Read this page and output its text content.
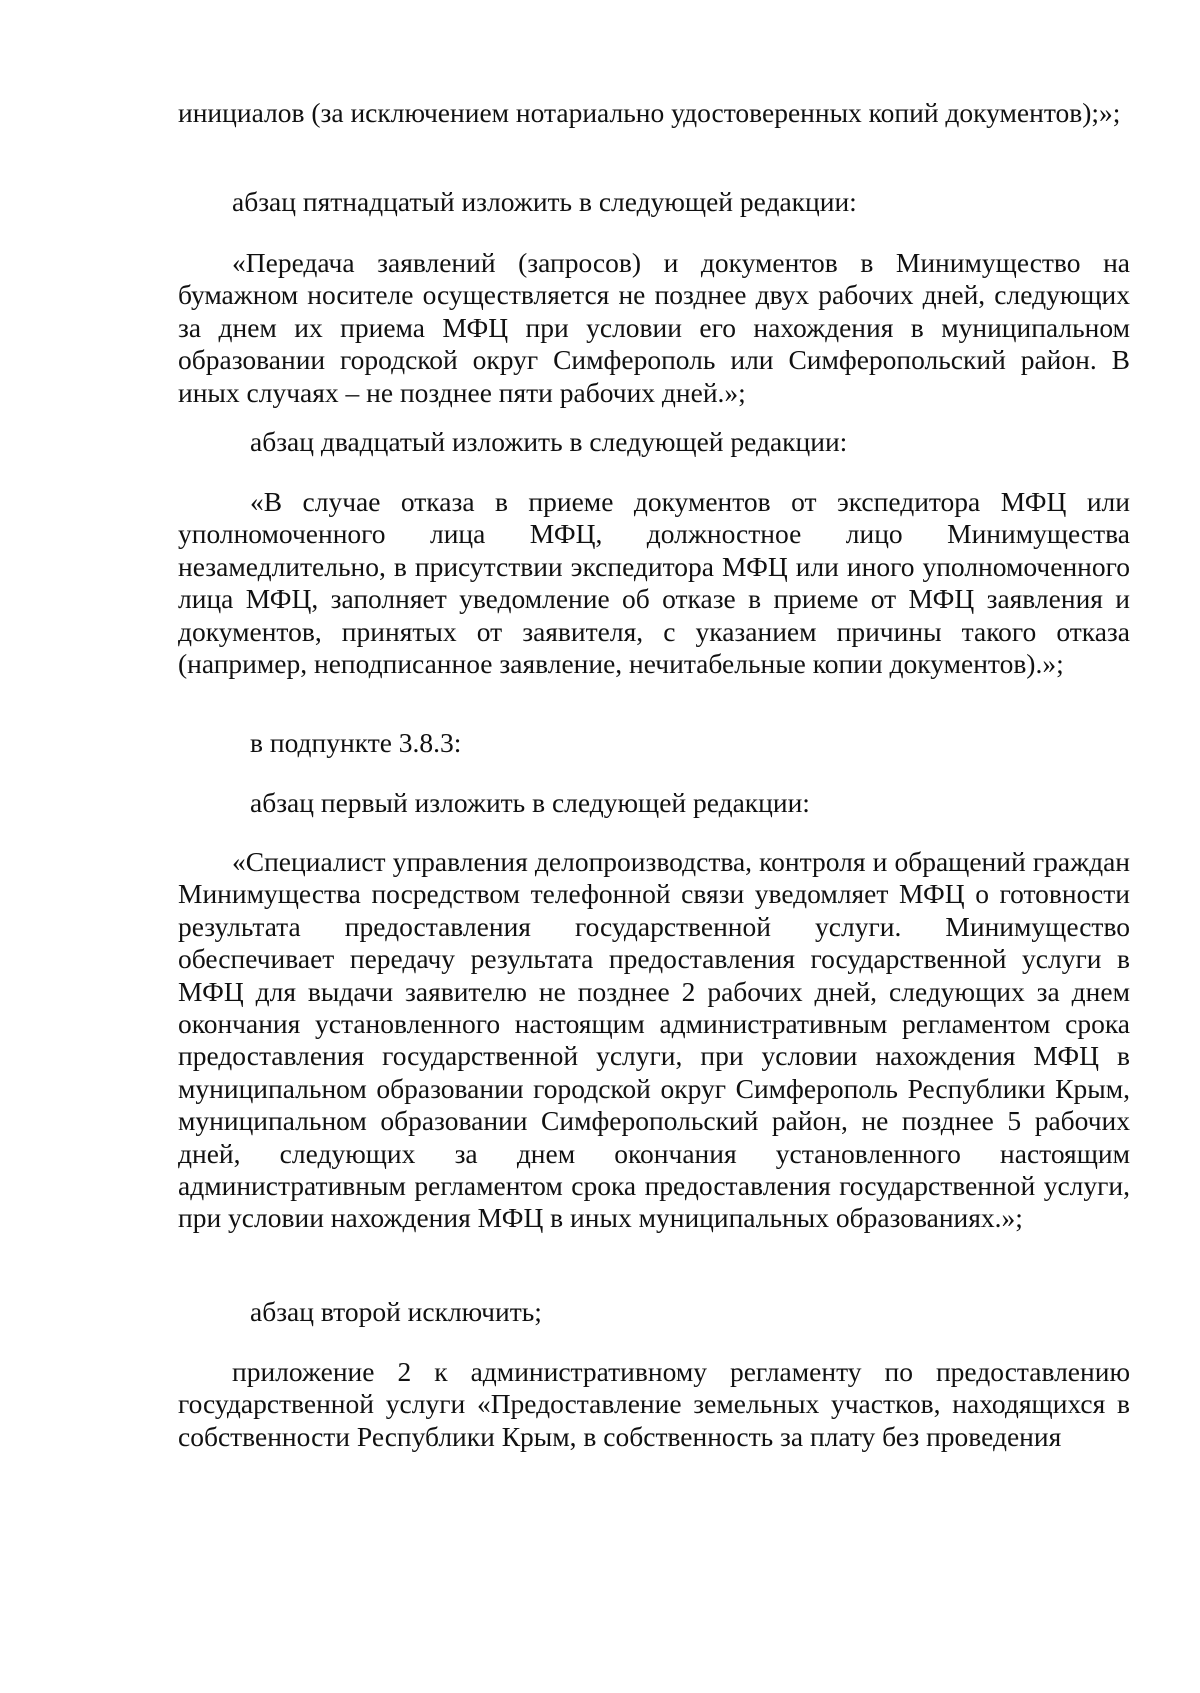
инициалов (за исключением нотариально удостоверенных копий документов);»;

абзац пятнадцатый изложить в следующей редакции:

«Передача заявлений (запросов) и документов в Минимущество на бумажном носителе осуществляется не позднее двух рабочих дней, следующих за днем их приема МФЦ при условии его нахождения в муниципальном образовании городской округ Симферополь или Симферопольский район. В иных случаях – не позднее пяти рабочих дней.»;

абзац двадцатый изложить в следующей редакции:

«В случае отказа в приеме документов от экспедитора МФЦ или уполномоченного лица МФЦ, должностное лицо Минимущества незамедлительно, в присутствии экспедитора МФЦ или иного уполномоченного лица МФЦ, заполняет уведомление об отказе в приеме от МФЦ заявления и документов, принятых от заявителя, с указанием причины такого отказа (например, неподписанное заявление, нечитабельные копии документов).»;

в подпункте 3.8.3:

абзац первый изложить в следующей редакции:

«Специалист управления делопроизводства, контроля и обращений граждан Минимущества посредством телефонной связи уведомляет МФЦ о готовности результата предоставления государственной услуги. Минимущество обеспечивает передачу результата предоставления государственной услуги в МФЦ для выдачи заявителю не позднее 2 рабочих дней, следующих за днем окончания установленного настоящим административным регламентом срока предоставления государственной услуги, при условии нахождения МФЦ в муниципальном образовании городской округ Симферополь Республики Крым, муниципальном образовании Симферопольский район, не позднее 5 рабочих дней, следующих за днем окончания установленного настоящим административным регламентом срока предоставления государственной услуги, при условии нахождения МФЦ в иных муниципальных образованиях.»;

абзац второй исключить;

приложение 2 к административному регламенту по предоставлению государственной услуги «Предоставление земельных участков, находящихся в собственности Республики Крым, в собственность за плату без проведения
